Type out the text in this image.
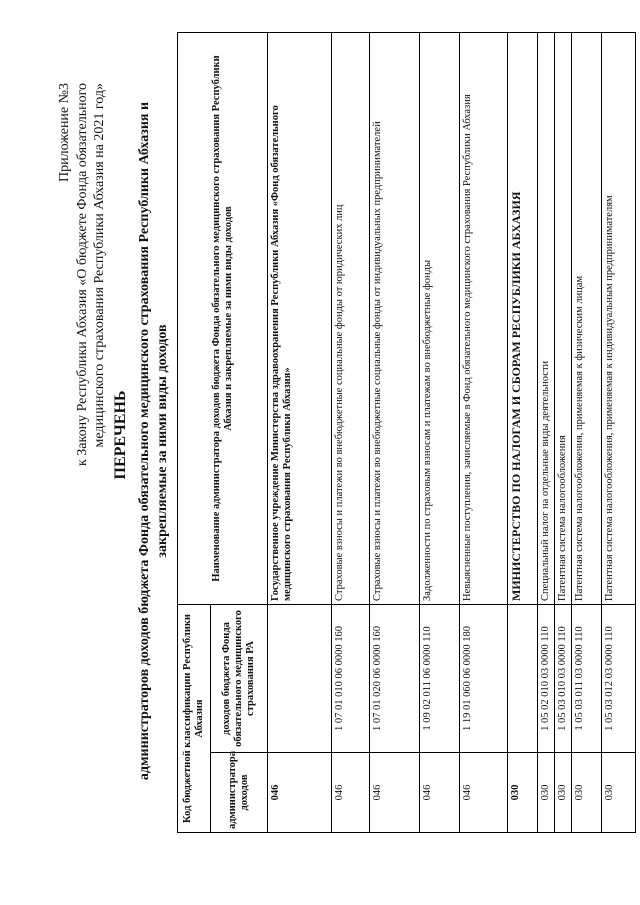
Приложение №3 к Закону Республики Абхазия «О бюджете Фонда обязательного медицинского страхования Республики Абхазия на 2021 год» ПЕРЕЧЕНЬ администраторов доходов бюджета Фонда обязательного медицинского страхования Республики Абхазия и закрепляемые за ними виды доходов
Код бюджетной классификации Республики Абхазия		Наименование администратора доходов бюджета Фонда обязательного медицинского страхования Республики Абхазия и закрепляемые за ними виды доходов
администратора доходов	доходов бюджета Фонда обязательного медицинского страхования РА	
046		Государственное учреждение Министерства здравоохранения Республики Абхазия «Фонд обязательного медицинского страхования Республики Абхазия»
046	1 07 01 010 06 0000 160	Страховые взносы и платежи во внебюджетные социальные фонды от юридических лиц
046	1 07 01 020 06 0000 160	Страховые взносы и платежи во внебюджетные социальные фонды от индивидуальных предпринимателей
046	1 09 02 011 06 0000 110	Задолженности по страховым взносам и платежам во внебюджетные фонды
046	1 19 01 060 06 0000 180	Невыясненные поступления, зачисляемые в Фонд обязательного медицинского страхования Республики Абхазия
030		МИНИСТЕРСТВО ПО НАЛОГАМ И СБОРАМ РЕСПУБЛИКИ АБХАЗИЯ
030	1 05 02 010 03 0000 110	Специальный налог на отдельные виды деятельности
030	1 05 03 010 03 0000 110	Патентная система налогообложения
030	1 05 03 011 03 0000 110	Патентная система налогообложения, применяемая к физическим лицам
030	1 05 03 012 03 0000 110	Патентная система налогообложения, применяемая к индивидуальным предпринимателям
